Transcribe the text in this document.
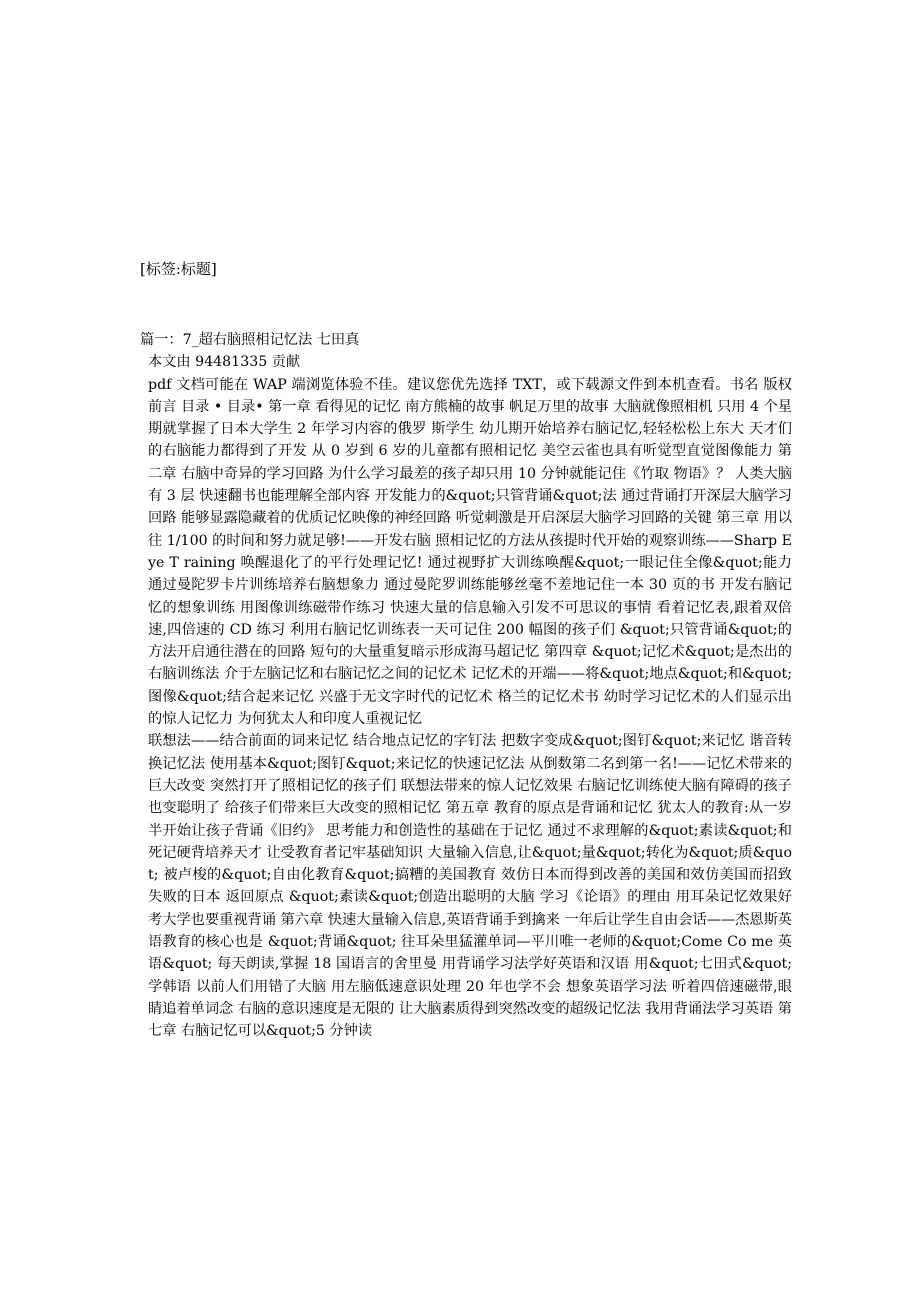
[标签:标题]

篇一：7_超右脑照相记忆法 七田真

本文由 94481335 贡献

pdf 文档可能在 WAP 端浏览体验不佳。建议您优先选择 TXT，或下载源文件到本机查看。书名 版权 前言 目录 • 目录• 第一章 看得见的记忆 南方熊楠的故事 帆足万里的故事 大脑就像照相机 只用 4 个星期就掌握了日本大学生 2 年学习内容的俄罗 斯学生 幼儿期开始培养右脑记忆,轻轻松松上东大 天才们的右脑能力都得到了开发 从 0 岁到 6 岁的儿童都有照相记忆 美空云雀也具有听觉型直觉图像能力 第二章 右脑中奇异的学习回路 为什么学习最差的孩子却只用 10 分钟就能记住《竹取 物语》？ 人类大脑有 3 层 快速翻书也能理解全部内容 开发能力的&quot;只管背诵&quot;法 通过背诵打开深层大脑学习回路 能够显露隐藏着的优质记忆映像的神经回路 听觉刺激是开启深层大脑学习回路的关键 第三章 用以往 1/100 的时间和努力就足够!——开发右脑 照相记忆的方法从孩提时代开始的观察训练——Sharp Eye T raining 唤醒退化了的平行处理记忆! 通过视野扩大训练唤醒&quot;一眼记住全像&quot;能力 通过曼陀罗卡片训练培养右脑想象力 通过曼陀罗训练能够丝毫不差地记住一本 30 页的书 开发右脑记忆的想象训练 用图像训练磁带作练习 快速大量的信息输入引发不可思议的事情 看着记忆表,跟着双倍速,四倍速的 CD 练习 利用右脑记忆训练表一天可记住 200 幅图的孩子们 &quot;只管背诵&quot;的方法开启通往潜在的回路 短句的大量重复暗示形成海马超记忆 第四章 &quot;记忆术&quot;是杰出的右脑训练法 介于左脑记忆和右脑记忆之间的记忆术 记忆术的开端——将&quot;地点&quot;和&quot;图像&quot;结合起来记忆 兴盛于无文字时代的记忆术 格兰的记忆术书 幼时学习记忆术的人们显示出的惊人记忆力 为何犹太人和印度人重视记忆

联想法——结合前面的词来记忆 结合地点记忆的字钉法 把数字变成&quot;图钉&quot;来记忆 谐音转换记忆法 使用基本&quot;图钉&quot;来记忆的快速记忆法 从倒数第二名到第一名!——记忆术带来的巨大改变 突然打开了照相记忆的孩子们 联想法带来的惊人记忆效果 右脑记忆训练使大脑有障碍的孩子也变聪明了 给孩子们带来巨大改变的照相记忆 第五章 教育的原点是背诵和记忆 犹太人的教育:从一岁半开始让孩子背诵《旧约》 思考能力和创造性的基础在于记忆 通过不求理解的&quot;素读&quot;和死记硬背培养天才 让受教育者记牢基础知识 大量输入信息,让&quot;量&quot;转化为&quot;质&quot; 被卢梭的&quot;自由化教育&quot;搞糟的美国教育 效仿日本而得到改善的美国和效仿美国而招致失败的日本 返回原点 &quot;素读&quot;创造出聪明的大脑 学习《论语》的理由 用耳朵记忆效果好 考大学也要重视背诵 第六章 快速大量输入信息,英语背诵手到擒来 一年后让学生自由会话——杰恩斯英语教育的核心也是 &quot;背诵&quot; 往耳朵里猛灌单词—平川唯一老师的&quot;Come Co me 英语&quot; 每天朗读,掌握 18 国语言的舍里曼 用背诵学习法学好英语和汉语 用&quot;七田式&quot;学韩语 以前人们用错了大脑 用左脑低速意识处理 20 年也学不会 想象英语学习法 听着四倍速磁带,眼睛追着单词念 右脑的意识速度是无限的 让大脑素质得到突然改变的超级记忆法 我用背诵法学习英语 第七章 右脑记忆可以&quot;5 分钟读
